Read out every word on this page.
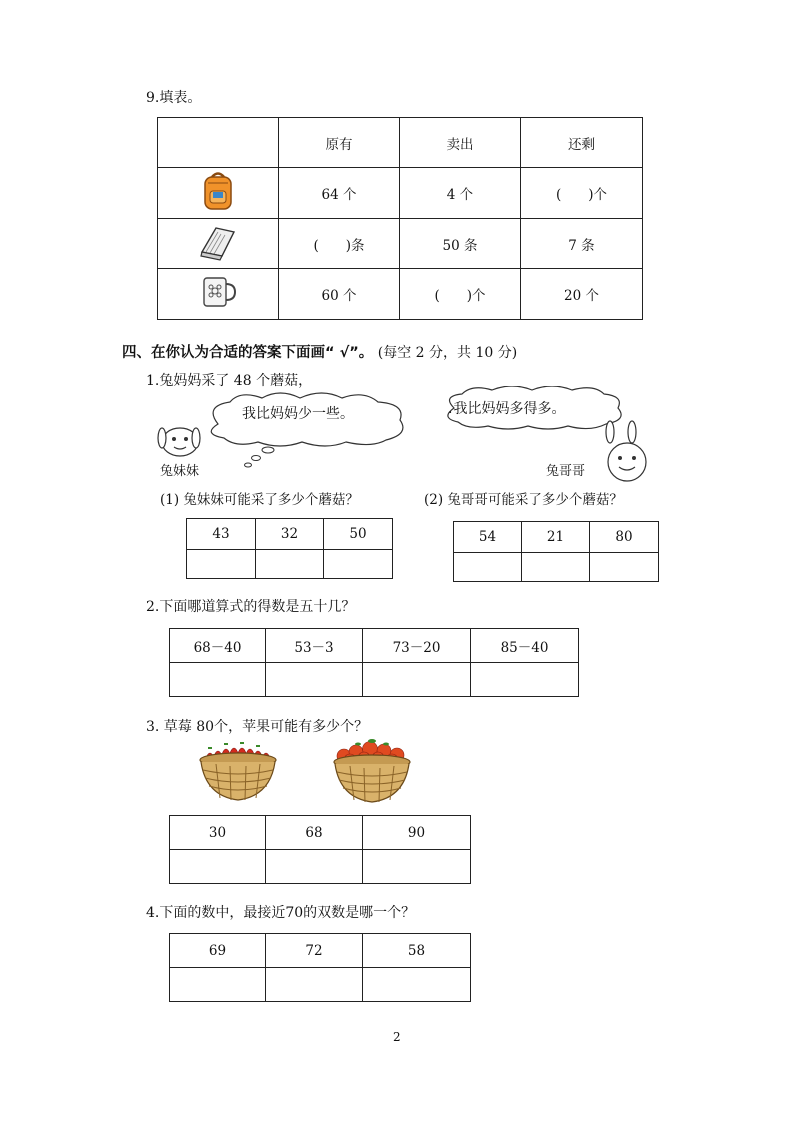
9.填表。
	原有	卖出	还剩
	64 个	4 个	(　　)个
	(　　)条	50 条	7 条
	60 个	(　　)个	20 个
四、在你认为合适的答案下面画“ √”。 (每空 2 分，共 10 分)
1.兔妈妈采了 48 个蘑菇，
我比妈妈少一些。	.我比妈妈多得多。
兔妹妹	兔哥哥
(1) 兔妹妹可能采了多少个蘑菇？	(2) 兔哥哥可能采了多少个蘑菇？
43	32	50
			54	21	80

2.下面哪道算式的得数是五十几？
68－40	53－3	73－20	85－40

3. 草莓 80个，苹果可能有多少个？
30	68	90

4.下面的数中，最接近70的双数是哪一个？
69	72	58

2
